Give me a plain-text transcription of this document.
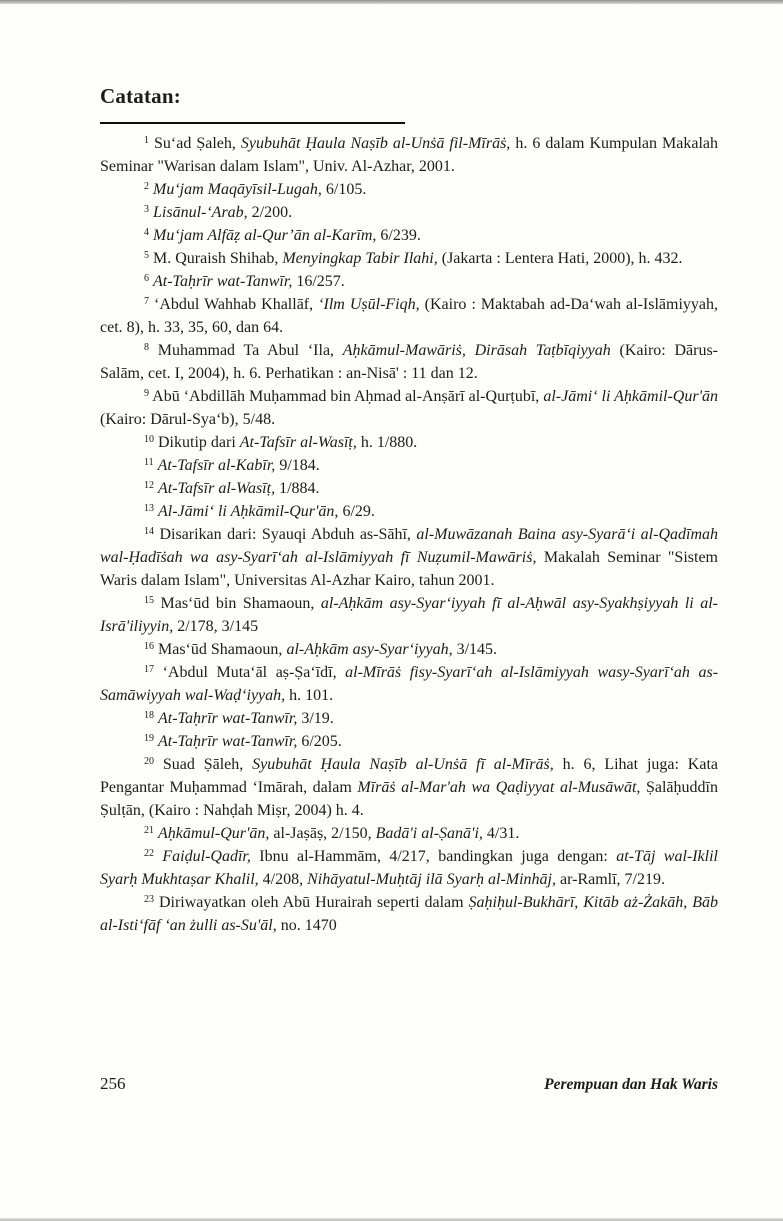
Catatan:

$^1$ Su‘ad Ṣaleh, Syubuhāt Ḥaula Naṣīb al-Unṡā fil-Mīrāṡ, h. 6 dalam Kumpulan Makalah Seminar "Warisan dalam Islam", Univ. Al-Azhar, 2001.

$^2$ Mu‘jam Maqāyīsil-Lugah, 6/105.

$^3$ Lisānul-‘Arab, 2/200.

$^4$ Mu‘jam Alfāẓ al-Qur’ān al-Karīm, 6/239.

$^5$ M. Quraish Shihab, Menyingkap Tabir Ilahi, (Jakarta : Lentera Hati, 2000), h. 432.

$^6$ At-Taḥrīr wat-Tanwīr, 16/257.

$^7$ ‘Abdul Wahhab Khallāf, ‘Ilm Uṣūl-Fiqh, (Kairo : Maktabah ad-Da‘wah al-Islāmiyyah, cet. 8), h. 33, 35, 60, dan 64.

$^8$ Muhammad Ta Abul ‘Ila, Aḥkāmul-Mawāriṡ, Dirāsah Taṭbīqiyyah (Kairo: Dārus-Salām, cet. I, 2004), h. 6. Perhatikan : an-Nisā' : 11 dan 12.

$^9$ Abū ‘Abdillāh Muḥammad bin Aḥmad al-Anṣārī al-Qurṭubī, al-Jāmi‘ li Aḥkāmil-Qur'ān (Kairo: Dārul-Sya‘b), 5/48.

$^{10}$ Dikutip dari At-Tafsīr al-Wasīṭ, h. 1/880.

$^{11}$ At-Tafsīr al-Kabīr, 9/184.

$^{12}$ At-Tafsīr al-Wasīṭ, 1/884.

$^{13}$ Al-Jāmi‘ li Aḥkāmil-Qur'ān, 6/29.

$^{14}$ Disarikan dari: Syauqi Abduh as-Sāhī, al-Muwāzanah Baina asy-Syarā‘i al-Qadīmah wal-Ḥadīṡah wa asy-Syarī‘ah al-Islāmiyyah fī Nuẓumil-Mawāriṡ, Makalah Seminar "Sistem Waris dalam Islam", Universitas Al-Azhar Kairo, tahun 2001.

$^{15}$ Mas‘ūd bin Shamaoun, al-Aḥkām asy-Syar‘iyyah fī al-Aḥwāl asy-Syakhṣiyyah li al-Isrā'iliyyin, 2/178, 3/145

$^{16}$ Mas‘ūd Shamaoun, al-Aḥkām asy-Syar‘iyyah, 3/145.

$^{17}$ ‘Abdul Muta‘āl aṣ-Ṣa‘īdī, al-Mīrāṡ fisy-Syarī‘ah al-Islāmiyyah wasy-Syarī‘ah as-Samāwiyyah wal-Waḍ‘iyyah, h. 101.

$^{18}$ At-Taḥrīr wat-Tanwīr, 3/19.

$^{19}$ At-Taḥrīr wat-Tanwīr, 6/205.

$^{20}$ Suad Ṣāleh, Syubuhāt Ḥaula Naṣīb al-Unṡā fī al-Mīrāṡ, h. 6, Lihat juga: Kata Pengantar Muḥammad ‘Imārah, dalam Mīrāṡ al-Mar'ah wa Qaḍiyyat al-Musāwāt, Ṣalāḥuddīn Ṣulṭān, (Kairo : Nahḍah Miṣr, 2004) h. 4.

$^{21}$ Aḥkāmul-Qur'ān, al-Jaṣāṣ, 2/150, Badā'i al-Ṣanā'i, 4/31.

$^{22}$ Faiḍul-Qadīr, Ibnu al-Hammām, 4/217, bandingkan juga dengan: at-Tāj wal-Iklil Syarḥ Mukhtaṣar Khalil, 4/208, Nihāyatul-Muḥtāj ilā Syarḥ al-Minhāj, ar-Ramlī, 7/219.

$^{23}$ Diriwayatkan oleh Abū Hurairah seperti dalam Ṣaḥiḥul-Bukhārī, Kitāb aż-Żakāh, Bāb al-Isti‘fāf ‘an żulli as-Su'āl, no. 1470

256	Perempuan dan Hak Waris
